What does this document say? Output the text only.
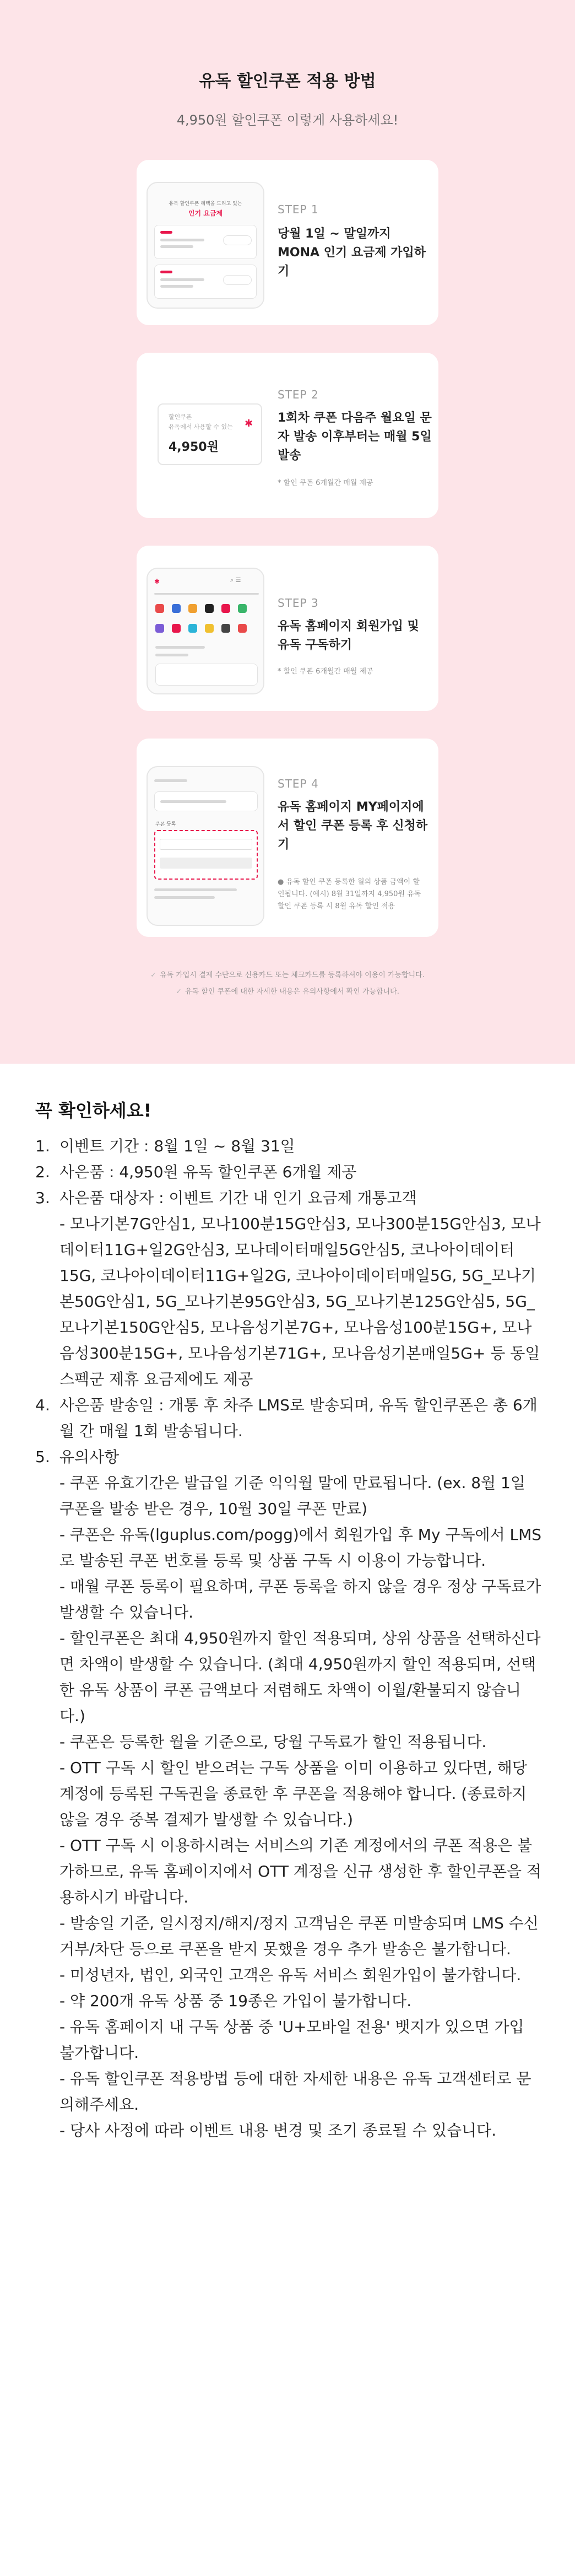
유독 할인쿠폰 적용 방법

4,950원 할인쿠폰 이렇게 사용하세요!

유독 할인쿠폰 혜택을 드리고 있는
인기 요금제	STEP 1
당월 1일 ~ 말일까지 MONA 인기 요금제 가입하기
할인쿠폰
유독에서 사용할 수 있는
4,950원
✱
STEP 2
1회차 쿠폰 다음주 월요일 문자 발송 이후부터는 매월 5일 발송
* 할인 쿠폰 6개월간 매월 제공
✱	⌕ ☰
STEP 3
유독 홈페이지 회원가입 및 유독 구독하기
* 할인 쿠폰 6개월간 매월 제공
쿠폰 등록
STEP 4
유독 홈페이지 MY페이지에서 할인 쿠폰 등록 후 신청하기
● 유독 할인 쿠폰 등록한 월의 상품 금액이 할인됩니다. (예시) 8월 31일까지 4,950원 유독 할인 쿠폰 등록 시 8월 유독 할인 적용
✓ 유독 가입시 결제 수단으로 신용카드 또는 체크카드를 등록하셔야 이용이 가능합니다.
✓ 유독 할인 쿠폰에 대한 자세한 내용은 유의사항에서 확인 가능합니다.
꼭 확인하세요!
1. 이벤트 기간 : 8월 1일 ~ 8월 31일
2. 사은품 : 4,950원 유독 할인쿠폰 6개월 제공
3. 사은품 대상자 : 이벤트 기간 내 인기 요금제 개통고객
- 모나기본7G안심1, 모나100분15G안심3, 모나300분15G안심3, 모나데이터11G+일2G안심3, 모나데이터매일5G안심5, 코나아이데이터15G, 코나아이데이터11G+일2G, 코나아이데이터매일5G, 5G_모나기본50G안심1, 5G_모나기본95G안심3, 5G_모나기본125G안심5, 5G_모나기본150G안심5, 모나음성기본7G+, 모나음성100분15G+, 모나음성300분15G+, 모나음성기본71G+, 모나음성기본매일5G+ 등 동일 스펙군 제휴 요금제에도 제공
4. 사은품 발송일 : 개통 후 차주 LMS로 발송되며, 유독 할인쿠폰은 총 6개월 간 매월 1회 발송됩니다.
5. 유의사항
- 쿠폰 유효기간은 발급일 기준 익익월 말에 만료됩니다. (ex. 8월 1일 쿠폰을 발송 받은 경우, 10월 30일 쿠폰 만료)
- 쿠폰은 유독(lguplus.com/pogg)에서 회원가입 후 My 구독에서 LMS로 발송된 쿠폰 번호를 등록 및 상품 구독 시 이용이 가능합니다.
- 매월 쿠폰 등록이 필요하며, 쿠폰 등록을 하지 않을 경우 정상 구독료가 발생할 수 있습니다.
- 할인쿠폰은 최대 4,950원까지 할인 적용되며, 상위 상품을 선택하신다면 차액이 발생할 수 있습니다. (최대 4,950원까지 할인 적용되며, 선택한 유독 상품이 쿠폰 금액보다 저렴해도 차액이 이월/환불되지 않습니다.)
- 쿠폰은 등록한 월을 기준으로, 당월 구독료가 할인 적용됩니다.
- OTT 구독 시 할인 받으려는 구독 상품을 이미 이용하고 있다면, 해당 계정에 등록된 구독권을 종료한 후 쿠폰을 적용해야 합니다. (종료하지 않을 경우 중복 결제가 발생할 수 있습니다.)
- OTT 구독 시 이용하시려는 서비스의 기존 계정에서의 쿠폰 적용은 불가하므로, 유독 홈페이지에서 OTT 계정을 신규 생성한 후 할인쿠폰을 적용하시기 바랍니다.
- 발송일 기준, 일시정지/해지/정지 고객님은 쿠폰 미발송되며 LMS 수신거부/차단 등으로 쿠폰을 받지 못했을 경우 추가 발송은 불가합니다.
- 미성년자, 법인, 외국인 고객은 유독 서비스 회원가입이 불가합니다.
- 약 200개 유독 상품 중 19종은 가입이 불가합니다.
- 유독 홈페이지 내 구독 상품 중 'U+모바일 전용' 뱃지가 있으면 가입 불가합니다.
- 유독 할인쿠폰 적용방법 등에 대한 자세한 내용은 유독 고객센터로 문의해주세요.
- 당사 사정에 따라 이벤트 내용 변경 및 조기 종료될 수 있습니다.
